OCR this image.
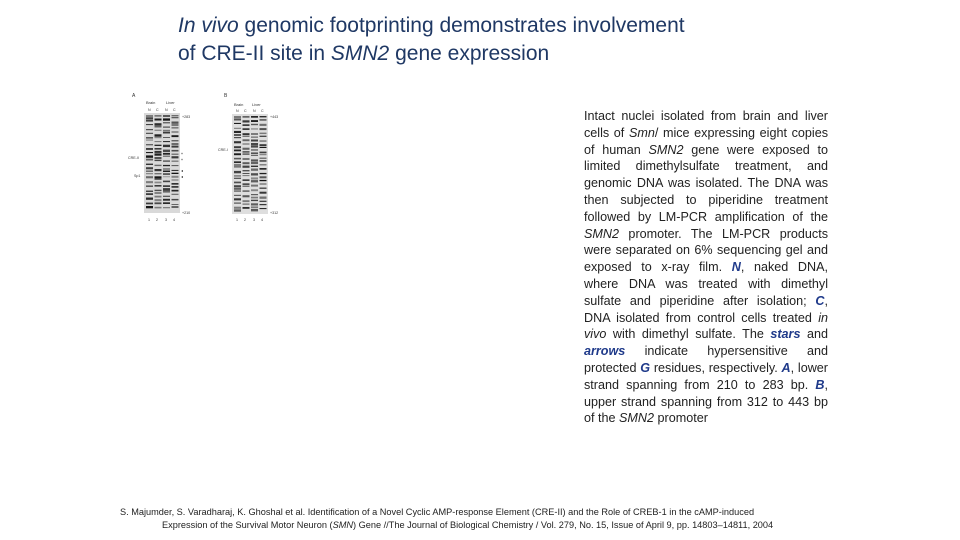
In vivo genomic footprinting demonstrates involvement
of CRE-II site in SMN2 gene expression
A
Brain	Liver
N C N C
+283
+210
CRE-II
Sp1
*
*
◂
◂
1 2 3 4
B
Brain Liver
N C N C
+443
+312
CRE-I
1 2 3 4
Intact nuclei isolated from brain and liver cells of Smn/ mice expressing eight copies of human SMN2 gene were exposed to limited dimethylsulfate treatment, and genomic DNA was isolated. The DNA was then subjected to piperidine treatment followed by LM-PCR amplification of the SMN2 promoter. The LM-PCR products were separated on 6% sequencing gel and exposed to x-ray film. N, naked DNA, where DNA was treated with dimethyl sulfate and piperidine after isolation; C, DNA isolated from control cells treated in vivo with dimethyl sulfate. The stars and arrows indicate hypersensitive and protected G residues, respectively. A, lower strand spanning from 210 to 283 bp. B, upper strand spanning from 312 to 443 bp of the SMN2 promoter
S. Majumder, S. Varadharaj, K. Ghoshal et al. Identification of a Novel Cyclic AMP-response Element (CRE-II) and the Role of CREB-1 in the cAMP-induced
Expression of the Survival Motor Neuron (SMN) Gene //The Journal of Biological Chemistry / Vol. 279, No. 15, Issue of April 9, pp. 14803–14811, 2004
